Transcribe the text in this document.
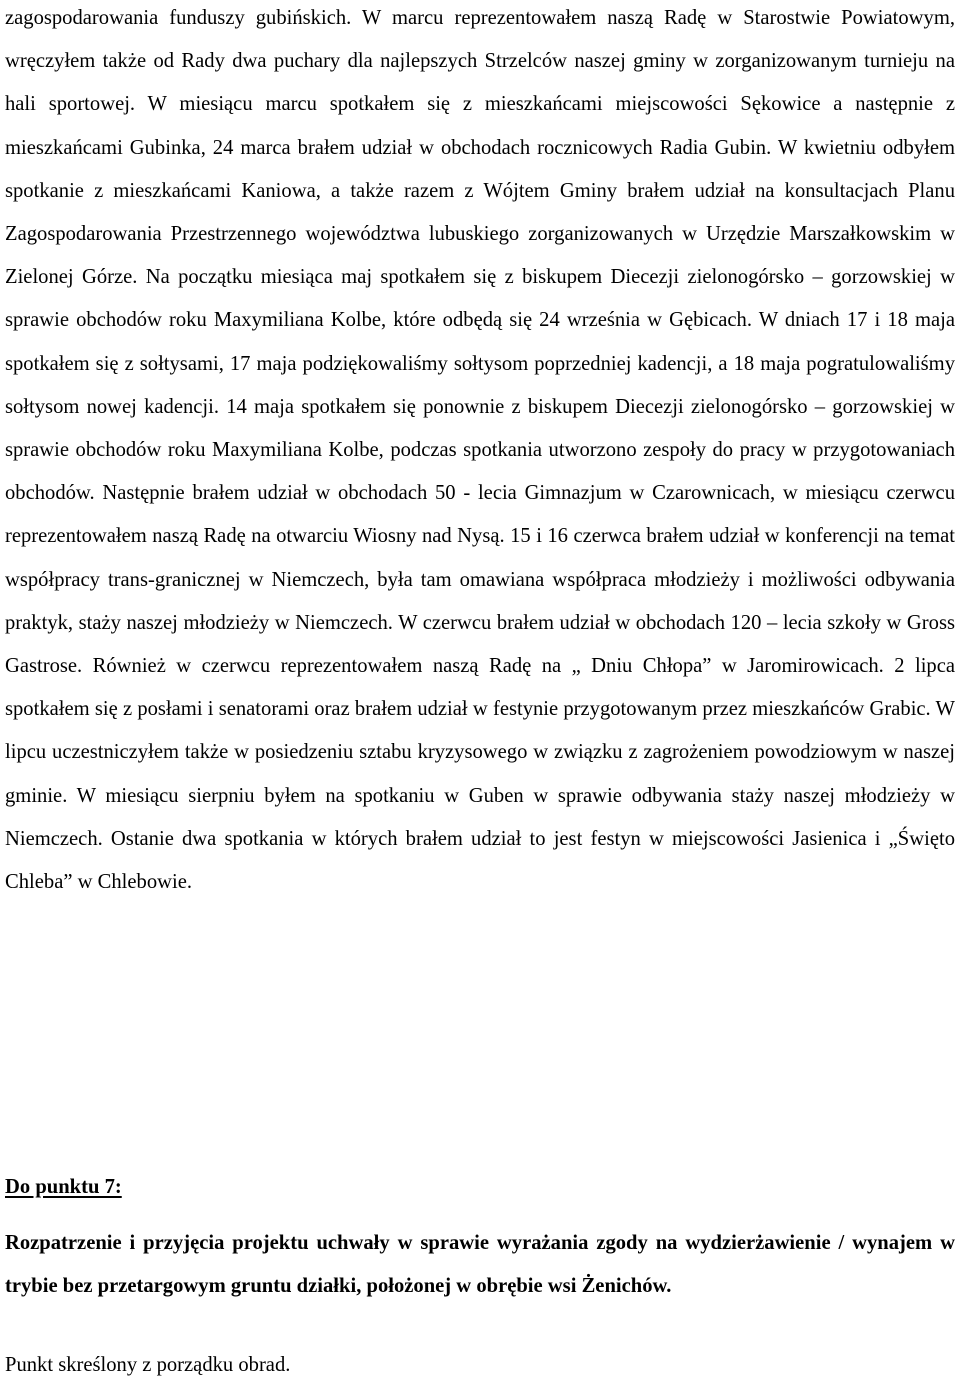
zagospodarowania funduszy gubińskich. W marcu reprezentowałem naszą Radę w Starostwie Powiatowym, wręczyłem także od Rady dwa puchary dla najlepszych Strzelców naszej gminy w zorganizowanym turnieju na hali sportowej. W miesiącu marcu spotkałem się z mieszkańcami miejscowości Sękowice a następnie z mieszkańcami Gubinka, 24 marca brałem udział w obchodach rocznicowych Radia Gubin. W kwietniu odbyłem spotkanie z mieszkańcami Kaniowa, a także razem z Wójtem Gminy brałem udział na konsultacjach Planu Zagospodarowania Przestrzennego województwa lubuskiego zorganizowanych w Urzędzie Marszałkowskim w Zielonej Górze. Na początku miesiąca maj spotkałem się z biskupem Diecezji zielonogórsko – gorzowskiej w sprawie obchodów roku Maxymiliana Kolbe, które odbędą się 24 września w Gębicach. W dniach 17 i 18 maja spotkałem się z sołtysami, 17 maja podziękowaliśmy sołtysom poprzedniej kadencji, a 18 maja pogratulowaliśmy sołtysom nowej kadencji. 14 maja spotkałem się ponownie z biskupem Diecezji zielonogórsko – gorzowskiej w sprawie obchodów roku Maxymiliana Kolbe, podczas spotkania utworzono zespoły do pracy w przygotowaniach obchodów. Następnie brałem udział w obchodach 50 - lecia Gimnazjum w Czarownicach, w miesiącu czerwcu reprezentowałem naszą Radę na otwarciu Wiosny nad Nysą. 15 i 16 czerwca brałem udział w konferencji na temat współpracy trans-granicznej w Niemczech, była tam omawiana współpraca młodzieży i możliwości odbywania praktyk, staży naszej młodzieży w Niemczech. W czerwcu brałem udział w obchodach 120 – lecia szkoły w Gross Gastrose. Również w czerwcu reprezentowałem naszą Radę na „ Dniu Chłopa” w Jaromirowicach. 2 lipca spotkałem się z posłami i senatorami oraz brałem udział w festynie przygotowanym przez mieszkańców Grabic. W lipcu uczestniczyłem także w posiedzeniu sztabu kryzysowego w związku z zagrożeniem powodziowym w naszej gminie. W miesiącu sierpniu byłem na spotkaniu w Guben w sprawie odbywania staży naszej młodzieży w Niemczech. Ostanie dwa spotkania w których brałem udział to jest festyn w miejscowości Jasienica i „Święto Chleba” w Chlebowie.

Do punktu 7:

Rozpatrzenie i przyjęcia projektu uchwały w sprawie wyrażania zgody na wydzierżawienie / wynajem w trybie bez przetargowym gruntu działki, położonej w obrębie wsi Żenichów.

Punkt skreślony z porządku obrad.
